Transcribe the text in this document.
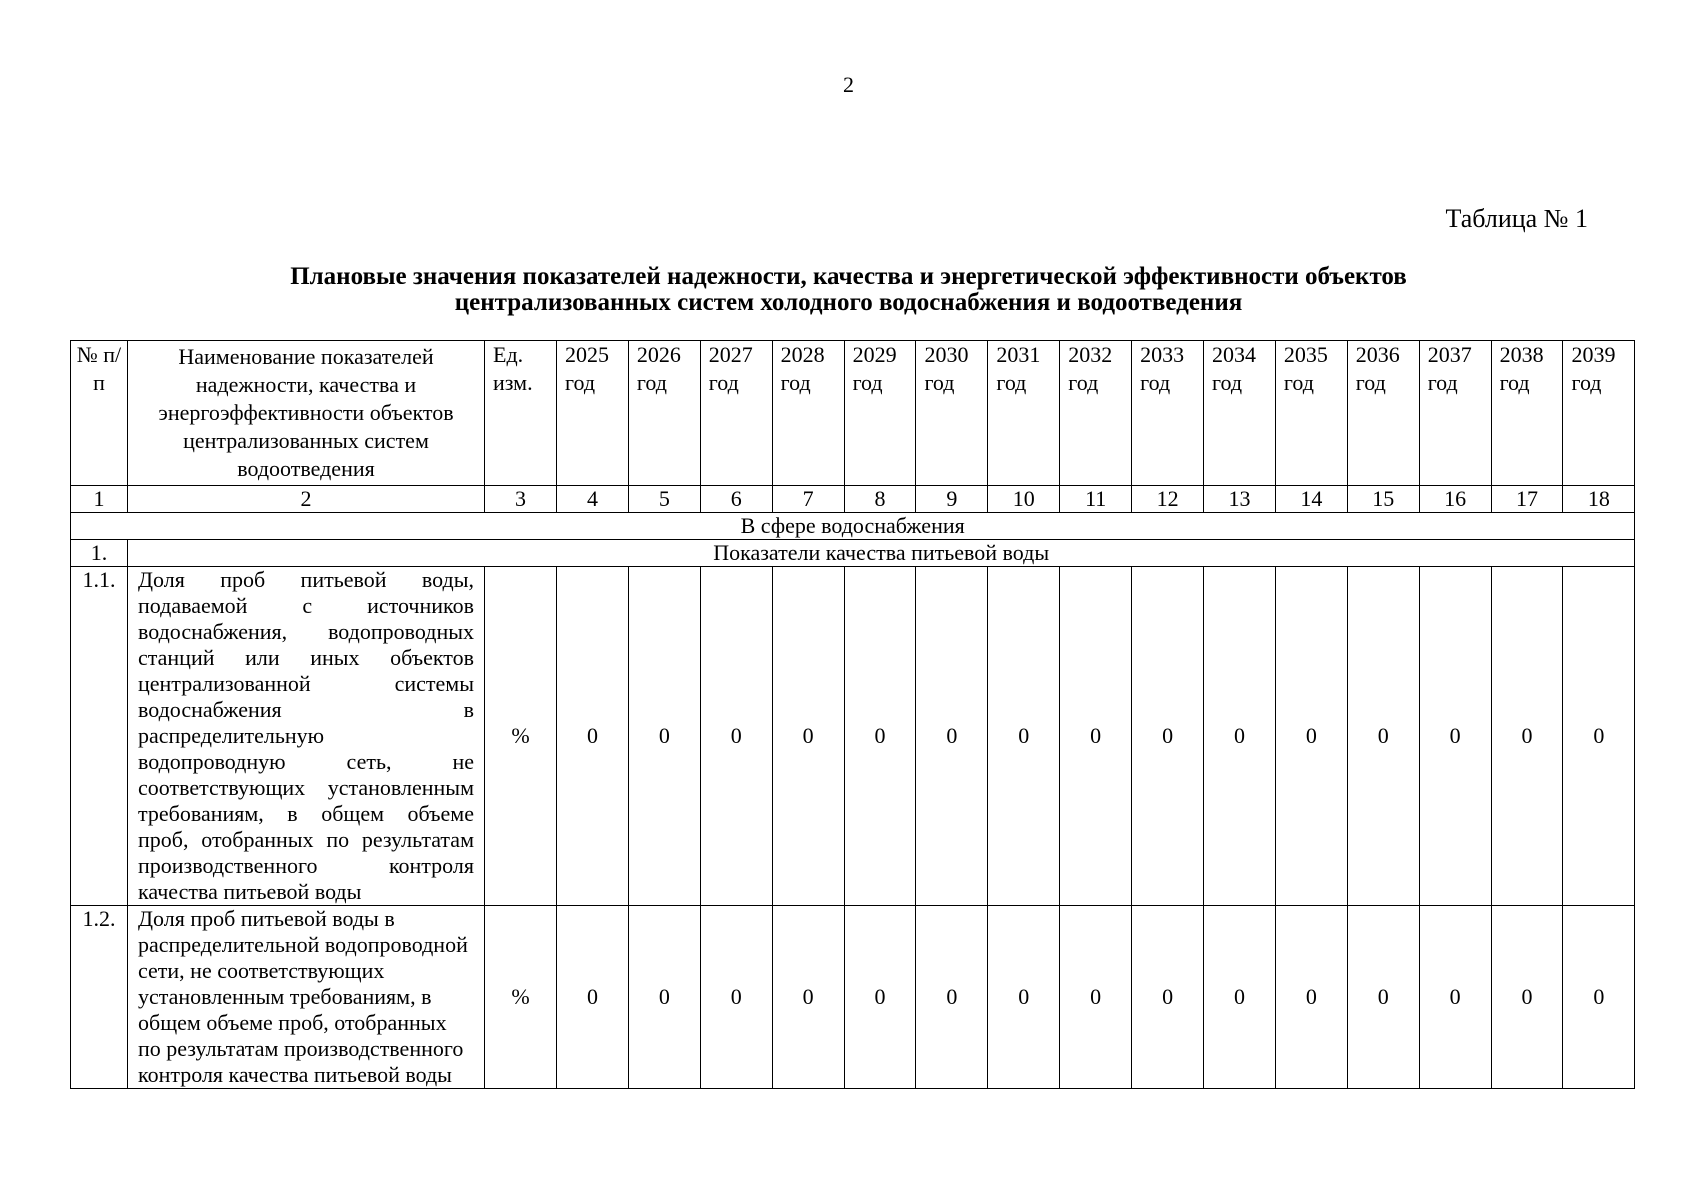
2
Таблица № 1
Плановые значения показателей надежности, качества и энергетической эффективности объектов
централизованных систем холодного водоснабжения и водоотведения
№ п/п	Наименование показателей надежности, качества и энергоэффективности объектов централизованных систем водоотведения	Ед. изм.	2025 год	2026 год	2027 год	2028 год	2029 год	2030 год	2031 год	2032 год	2033 год	2034 год	2035 год	2036 год	2037 год	2038 год	2039 год
1	2	3	4	5	6	7	8	9	10	11	12	13	14	15	16	17	18
В сфере водоснабжения																	
1.	Показатели качества питьевой воды																
1.1.	Доля проб питьевой воды, подаваемой с источников водоснабжения, водопроводных станций или иных объектов централизованной системы водоснабжения в распределительную водопроводную сеть, не соответствующих установленным требованиям, в общем объеме проб, отобранных по результатам производственного контроля качества питьевой воды	%	0	0	0	0	0	0	0	0	0	0	0	0	0	0	0
1.2.	Доля проб питьевой воды в распределительной водопроводной сети, не соответствующих установленным требованиям, в общем объеме проб, отобранных по результатам производственного контроля качества питьевой воды	%	0	0	0	0	0	0	0	0	0	0	0	0	0	0	0
